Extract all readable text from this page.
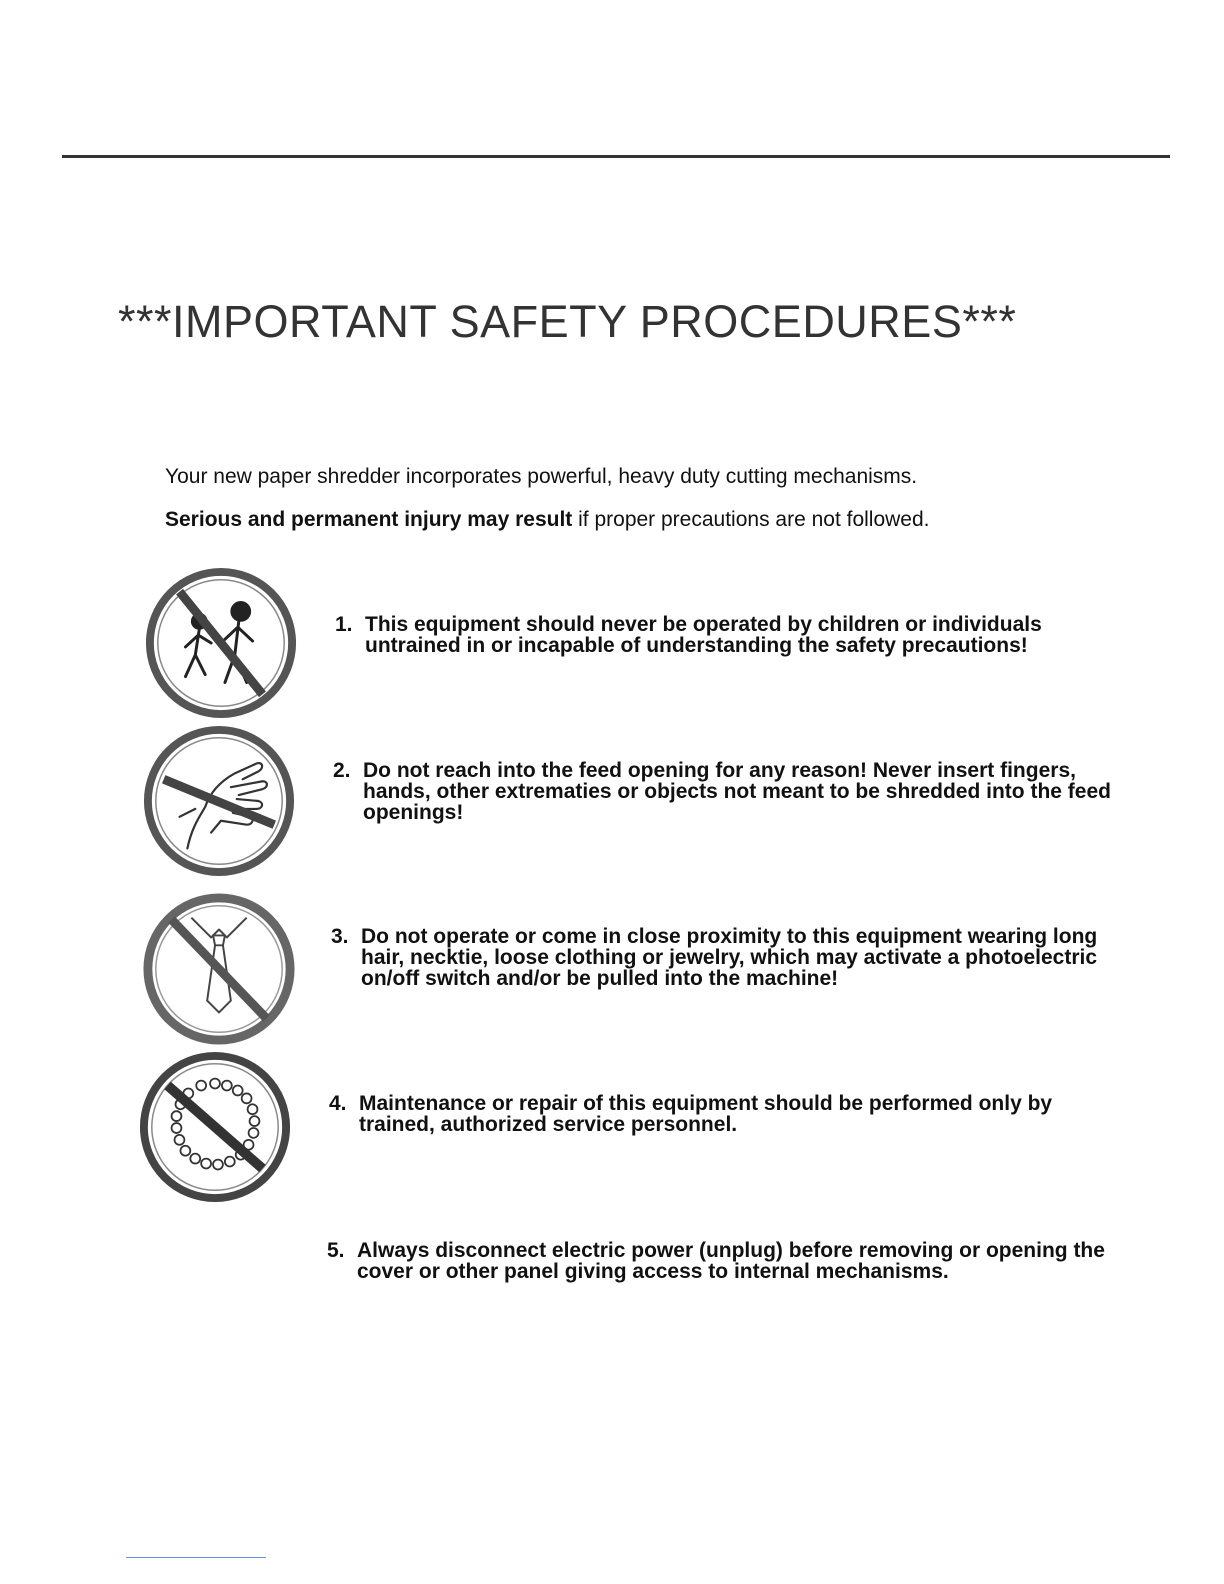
***IMPORTANT SAFETY PROCEDURES***
Your new paper shredder incorporates powerful, heavy duty cutting mechanisms.
Serious and permanent injury may result if proper precautions are not followed.
1. This equipment should never be operated by children or individuals untrained in or incapable of understanding the safety precautions!
2. Do not reach into the feed opening for any reason! Never insert fingers, hands, other extrematies or objects not meant to be shredded into the feed openings!
3. Do not operate or come in close proximity to this equipment wearing long hair, necktie, loose clothing or jewelry, which may activate a photoelectric on/off switch and/or be pulled into the machine!
4. Maintenance or repair of this equipment should be performed only by trained, authorized service personnel.
5. Always disconnect electric power (unplug) before removing or opening the cover or other panel giving access to internal mechanisms.
